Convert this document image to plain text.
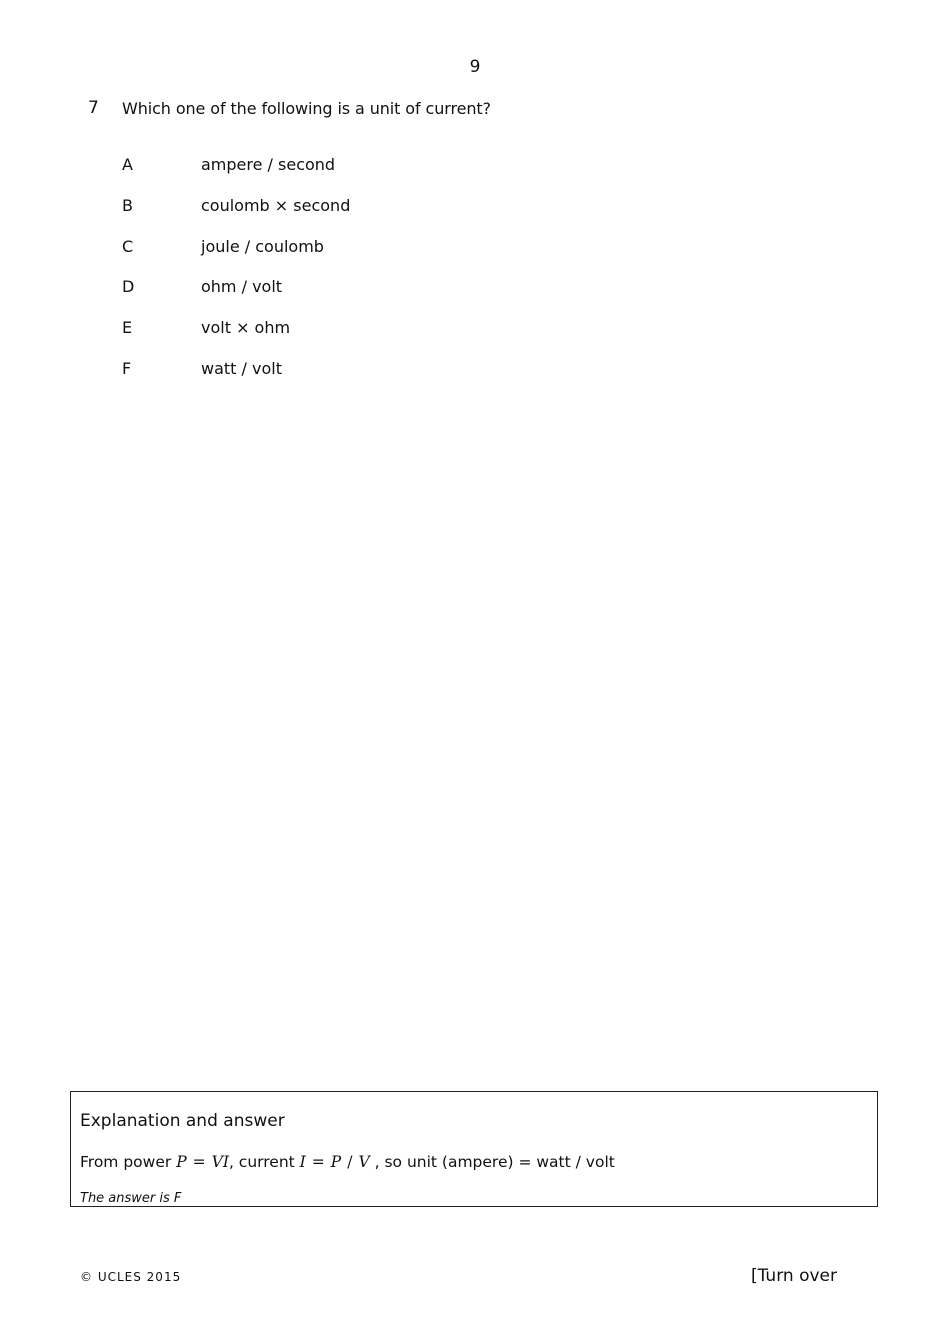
9
7 Which one of the following is a unit of current?
A	ampere / second
B	coulomb × second
C	joule / coulomb
D	ohm / volt
E	volt × ohm
F	watt / volt
Explanation and answer
From power P = VI, current I = P / V , so unit (ampere) = watt / volt
The answer is F
© UCLES 2015	[Turn over
